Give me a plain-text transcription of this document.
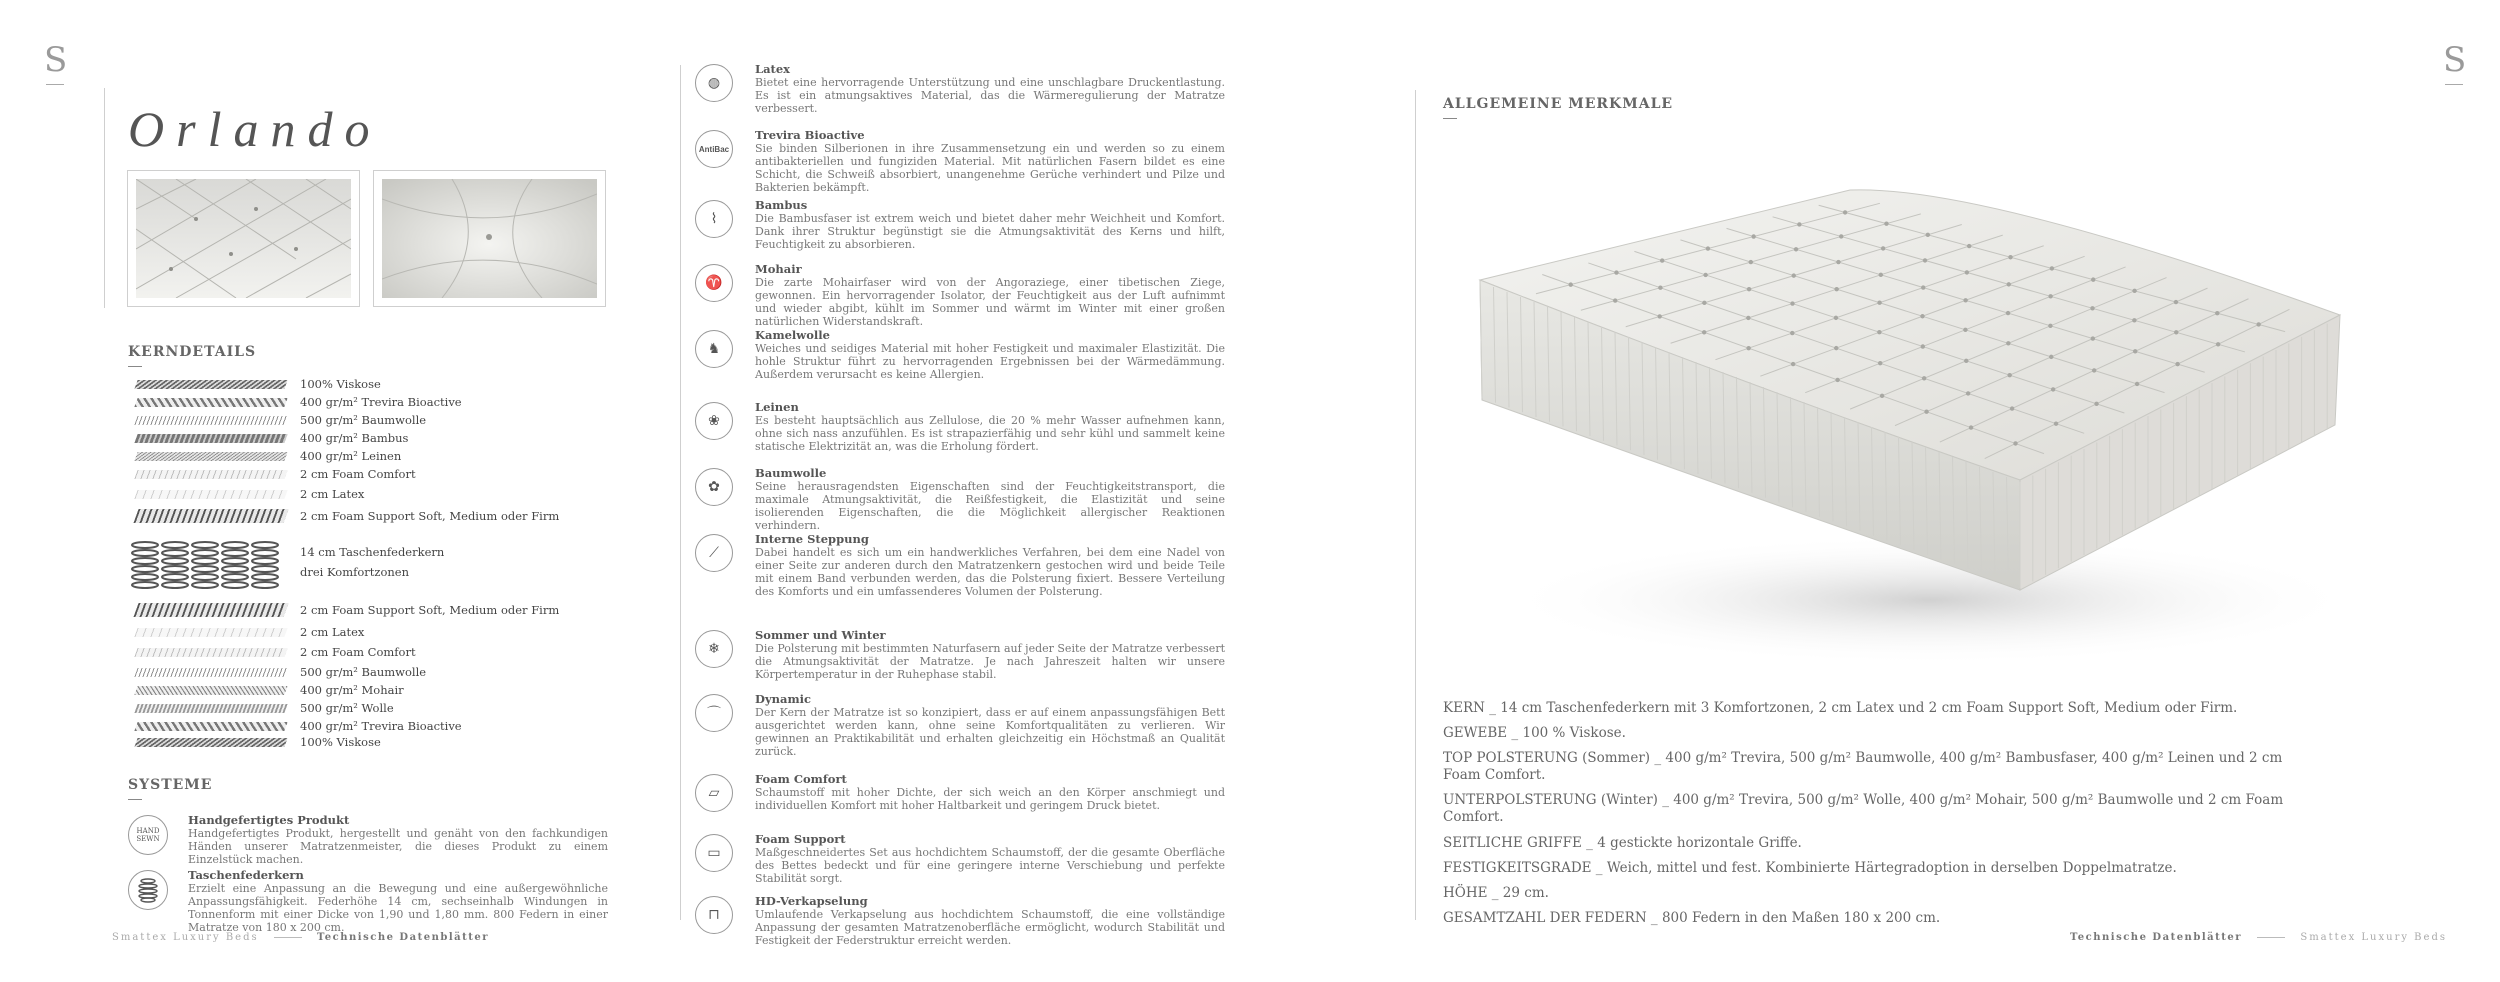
S	S
Orlando
KERNDETAILS
100% Viskose
400 gr/m² Trevira Bioactive
500 gr/m² Baumwolle
400 gr/m² Bambus
400 gr/m² Leinen
2 cm Foam Comfort
2 cm Latex
2 cm Foam Support Soft, Medium oder Firm
14 cm Taschenfederkern
drei Komfortzonen
2 cm Foam Support Soft, Medium oder Firm
2 cm Latex
2 cm Foam Comfort
500 gr/m² Baumwolle
400 gr/m² Mohair
500 gr/m² Wolle
400 gr/m² Trevira Bioactive
100% Viskose
SYSTEME
HAND SEWN
Handgefertigtes Produkt
Handgefertigtes Produkt, hergestellt und genäht von den fachkundigen Händen unserer Matratzenmeister, die dieses Produkt zu einem Einzelstück machen.
Taschenfederkern
Erzielt eine Anpassung an die Bewegung und eine außergewöhnliche Anpassungsfähigkeit. Federhöhe 14 cm, sechseinhalb Windungen in Tonnenform mit einer Dicke von 1,90 und 1,80 mm. 800 Federn in einer Matratze von 180 x 200 cm.
◍
Latex
Bietet eine hervorragende Unterstützung und eine unschlagbare Druckentlastung. Es ist ein atmungsaktives Material, das die Wärmeregulierung der Matratze verbessert.
AntiBac
Trevira Bioactive
Sie binden Silberionen in ihre Zusammensetzung ein und werden so zu einem antibakteriellen und fungiziden Material. Mit natürlichen Fasern bildet es eine Schicht, die Schweiß absorbiert, unangenehme Gerüche verhindert und Pilze und Bakterien bekämpft.
⌇
Bambus
Die Bambusfaser ist extrem weich und bietet daher mehr Weichheit und Komfort. Dank ihrer Struktur begünstigt sie die Atmungsaktivität des Kerns und hilft, Feuchtigkeit zu absorbieren.
♈
Mohair
Die zarte Mohairfaser wird von der Angoraziege, einer tibetischen Ziege, gewonnen. Ein hervorragender Isolator, der Feuchtigkeit aus der Luft aufnimmt und wieder abgibt, kühlt im Sommer und wärmt im Winter mit einer großen natürlichen Widerstandskraft.
♞
Kamelwolle
Weiches und seidiges Material mit hoher Festigkeit und maximaler Elastizität. Die hohle Struktur führt zu hervorragenden Ergebnissen bei der Wärmedämmung. Außerdem verursacht es keine Allergien.
❀
Leinen
Es besteht hauptsächlich aus Zellulose, die 20 % mehr Wasser aufnehmen kann, ohne sich nass anzufühlen. Es ist strapazierfähig und sehr kühl und sammelt keine statische Elektrizität an, was die Erholung fördert.
✿
Baumwolle
Seine herausragendsten Eigenschaften sind der Feuchtigkeitstransport, die maximale Atmungsaktivität, die Reißfestigkeit, die Elastizität und seine isolierenden Eigenschaften, die die Möglichkeit allergischer Reaktionen verhindern.
⟋
Interne Steppung
Dabei handelt es sich um ein handwerkliches Verfahren, bei dem eine Nadel von einer Seite zur anderen durch den Matratzenkern gestochen wird und beide Teile mit einem Band verbunden werden, das die Polsterung fixiert. Bessere Verteilung des Komforts und ein umfassenderes Volumen der Polsterung.
❄
Sommer und Winter
Die Polsterung mit bestimmten Naturfasern auf jeder Seite der Matratze verbessert die Atmungsaktivität der Matratze. Je nach Jahreszeit halten wir unsere Körpertemperatur in der Ruhephase stabil.
⌒
Dynamic
Der Kern der Matratze ist so konzipiert, dass er auf einem anpassungsfähigen Bett ausgerichtet werden kann, ohne seine Komfortqualitäten zu verlieren. Wir gewinnen an Praktikabilität und erhalten gleichzeitig ein Höchstmaß an Qualität zurück.
▱
Foam Comfort
Schaumstoff mit hoher Dichte, der sich weich an den Körper anschmiegt und individuellen Komfort mit hoher Haltbarkeit und geringem Druck bietet.
▭
Foam Support
Maßgeschneidertes Set aus hochdichtem Schaumstoff, der die gesamte Oberfläche des Bettes bedeckt und für eine geringere interne Verschiebung und perfekte Stabilität sorgt.
⊓
HD-Verkapselung
Umlaufende Verkapselung aus hochdichtem Schaumstoff, die eine vollständige Anpassung der gesamten Matratzenoberfläche ermöglicht, wodurch Stabilität und Festigkeit der Federstruktur erreicht werden.
ALLGEMEINE MERKMALE
KERN _ 14 cm Taschenfederkern mit 3 Komfortzonen, 2 cm Latex und 2 cm Foam Support Soft, Medium oder Firm.
GEWEBE _ 100 % Viskose.
TOP POLSTERUNG (Sommer) _ 400 g/m² Trevira, 500 g/m² Baumwolle, 400 g/m² Bambusfaser, 400 g/m² Leinen und 2 cm Foam Comfort.
UNTERPOLSTERUNG (Winter) _ 400 g/m² Trevira, 500 g/m² Wolle, 400 g/m² Mohair, 500 g/m² Baumwolle und 2 cm Foam Comfort.
SEITLICHE GRIFFE _ 4 gestickte horizontale Griffe.
FESTIGKEITSGRADE _ Weich, mittel und fest. Kombinierte Härtegradoption in derselben Doppelmatratze.
HÖHE _ 29 cm.
GESAMTZAHL DER FEDERN _ 800 Federn in den Maßen 180 x 200 cm.
Smattex Luxury Beds	Technische Datenblätter	Technische Datenblätter	Smattex Luxury Beds
